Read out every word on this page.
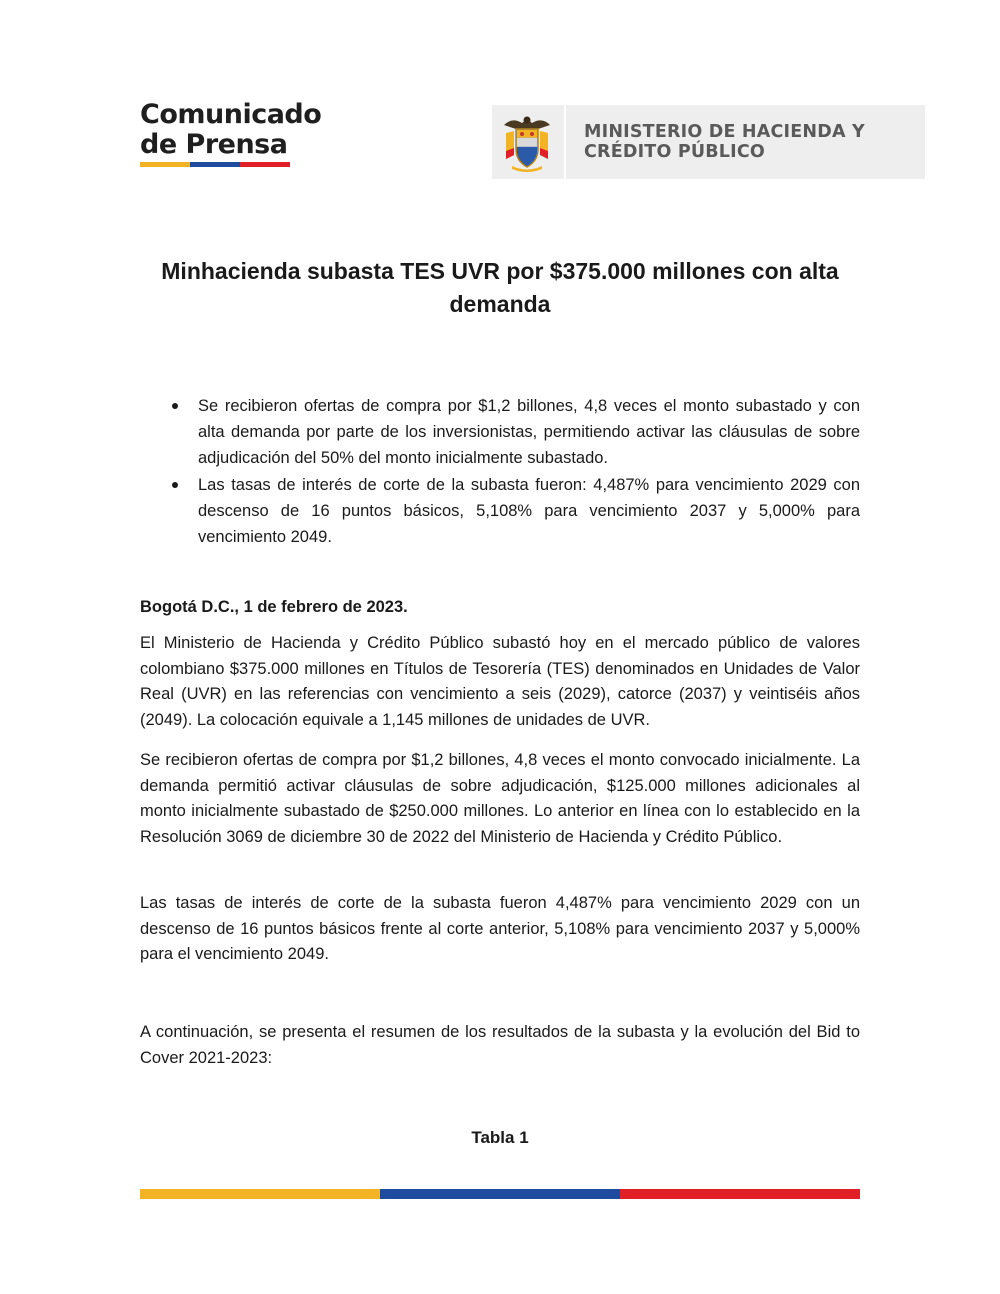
Comunicado
de Prensa	MINISTERIO DE HACIENDA Y
CRÉDITO PÚBLICO
Minhacienda subasta TES UVR por $375.000 millones con alta demanda
Se recibieron ofertas de compra por $1,2 billones, 4,8 veces el monto subastado y con alta demanda por parte de los inversionistas, permitiendo activar las cláusulas de sobre adjudicación del 50% del monto inicialmente subastado.
Las tasas de interés de corte de la subasta fueron: 4,487% para vencimiento 2029 con descenso de 16 puntos básicos, 5,108% para vencimiento 2037 y 5,000% para vencimiento 2049.
Bogotá D.C., 1 de febrero de 2023.

El Ministerio de Hacienda y Crédito Público subastó hoy en el mercado público de valores colombiano $375.000 millones en Títulos de Tesorería (TES) denominados en Unidades de Valor Real (UVR) en las referencias con vencimiento a seis (2029), catorce (2037) y veintiséis años (2049). La colocación equivale a 1,145 millones de unidades de UVR.

Se recibieron ofertas de compra por $1,2 billones, 4,8 veces el monto convocado inicialmente. La demanda permitió activar cláusulas de sobre adjudicación, $125.000 millones adicionales al monto inicialmente subastado de $250.000 millones. Lo anterior en línea con lo establecido en la Resolución 3069 de diciembre 30 de 2022 del Ministerio de Hacienda y Crédito Público.

Las tasas de interés de corte de la subasta fueron 4,487% para vencimiento 2029 con un descenso de 16 puntos básicos frente al corte anterior, 5,108% para vencimiento 2037 y 5,000% para el vencimiento 2049.

A continuación, se presenta el resumen de los resultados de la subasta y la evolución del Bid to Cover 2021-2023:

Tabla 1
